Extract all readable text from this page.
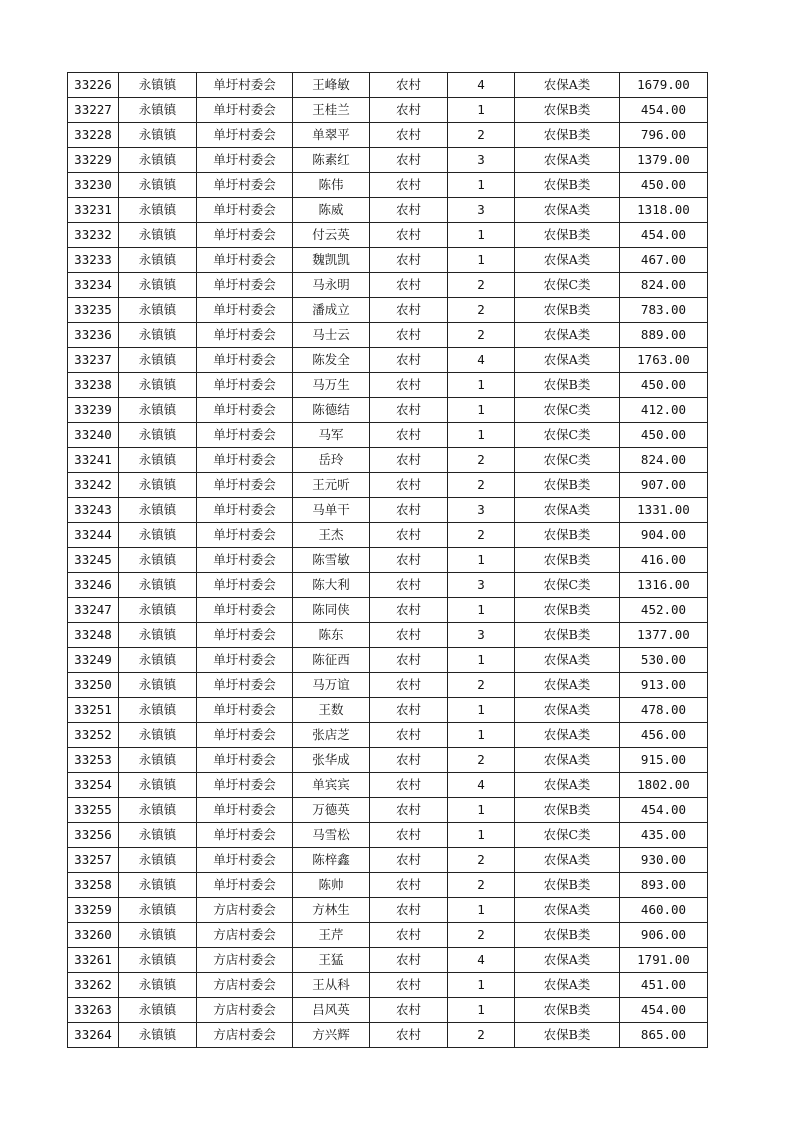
33226	永镇镇	单圩村委会	王峰敏	农村	4	农保A类	1679.00
33227	永镇镇	单圩村委会	王桂兰	农村	1	农保B类	454.00
33228	永镇镇	单圩村委会	单翠平	农村	2	农保B类	796.00
33229	永镇镇	单圩村委会	陈素红	农村	3	农保A类	1379.00
33230	永镇镇	单圩村委会	陈伟	农村	1	农保B类	450.00
33231	永镇镇	单圩村委会	陈威	农村	3	农保A类	1318.00
33232	永镇镇	单圩村委会	付云英	农村	1	农保B类	454.00
33233	永镇镇	单圩村委会	魏凯凯	农村	1	农保A类	467.00
33234	永镇镇	单圩村委会	马永明	农村	2	农保C类	824.00
33235	永镇镇	单圩村委会	潘成立	农村	2	农保B类	783.00
33236	永镇镇	单圩村委会	马士云	农村	2	农保A类	889.00
33237	永镇镇	单圩村委会	陈发全	农村	4	农保A类	1763.00
33238	永镇镇	单圩村委会	马万生	农村	1	农保B类	450.00
33239	永镇镇	单圩村委会	陈德结	农村	1	农保C类	412.00
33240	永镇镇	单圩村委会	马军	农村	1	农保C类	450.00
33241	永镇镇	单圩村委会	岳玲	农村	2	农保C类	824.00
33242	永镇镇	单圩村委会	王元听	农村	2	农保B类	907.00
33243	永镇镇	单圩村委会	马单干	农村	3	农保A类	1331.00
33244	永镇镇	单圩村委会	王杰	农村	2	农保B类	904.00
33245	永镇镇	单圩村委会	陈雪敏	农村	1	农保B类	416.00
33246	永镇镇	单圩村委会	陈大利	农村	3	农保C类	1316.00
33247	永镇镇	单圩村委会	陈同侠	农村	1	农保B类	452.00
33248	永镇镇	单圩村委会	陈东	农村	3	农保B类	1377.00
33249	永镇镇	单圩村委会	陈征西	农村	1	农保A类	530.00
33250	永镇镇	单圩村委会	马万谊	农村	2	农保A类	913.00
33251	永镇镇	单圩村委会	王数	农村	1	农保A类	478.00
33252	永镇镇	单圩村委会	张店芝	农村	1	农保A类	456.00
33253	永镇镇	单圩村委会	张华成	农村	2	农保A类	915.00
33254	永镇镇	单圩村委会	单宾宾	农村	4	农保A类	1802.00
33255	永镇镇	单圩村委会	万德英	农村	1	农保B类	454.00
33256	永镇镇	单圩村委会	马雪松	农村	1	农保C类	435.00
33257	永镇镇	单圩村委会	陈梓鑫	农村	2	农保A类	930.00
33258	永镇镇	单圩村委会	陈帅	农村	2	农保B类	893.00
33259	永镇镇	方店村委会	方林生	农村	1	农保A类	460.00
33260	永镇镇	方店村委会	王芹	农村	2	农保B类	906.00
33261	永镇镇	方店村委会	王猛	农村	4	农保A类	1791.00
33262	永镇镇	方店村委会	王从科	农村	1	农保A类	451.00
33263	永镇镇	方店村委会	吕风英	农村	1	农保B类	454.00
33264	永镇镇	方店村委会	方兴辉	农村	2	农保B类	865.00
